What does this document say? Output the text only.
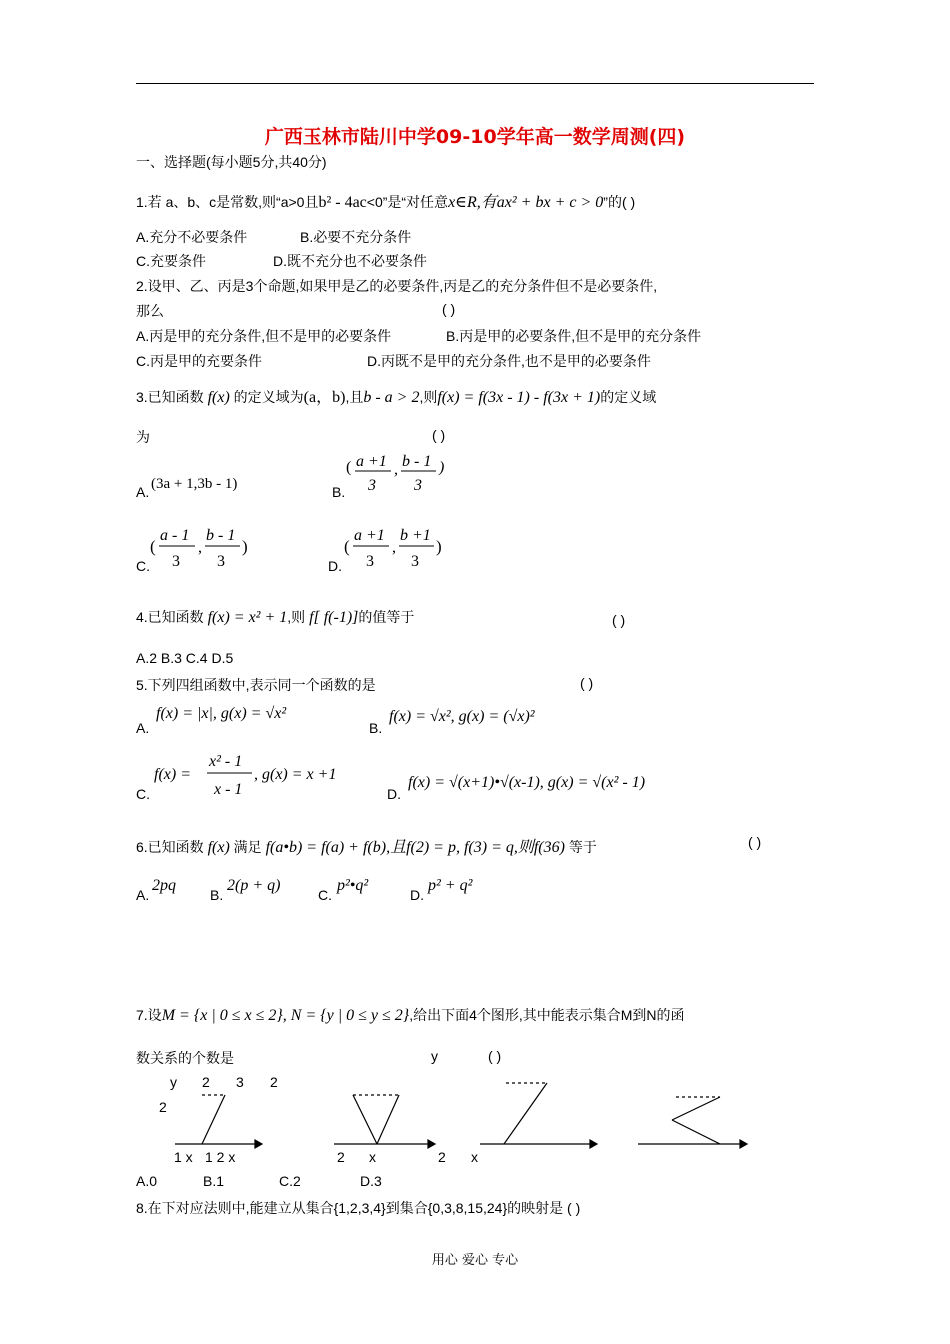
广西玉林市陆川中学09-10学年高一数学周测(四)
一、选择题(每小题5分,共40分)
1.若 a、b、c是常数,则“a>0且b² - 4ac<0”是“对任意x∈R,有ax² + bx + c > 0”的( )
A.充分不必要条件	B.必要不充分条件
C.充要条件	D.既不充分也不必要条件
2.设甲、乙、丙是3个命题,如果甲是乙的必要条件,丙是乙的充分条件但不是必要条件,
那么	( )
A.丙是甲的充分条件,但不是甲的必要条件	B.丙是甲的必要条件,但不是甲的充分条件
C.丙是甲的充要条件	D.丙既不是甲的充分条件,也不是甲的必要条件
3.已知函数 f(x) 的定义域为(a，b),且b - a > 2,则f(x) = f(3x - 1) - f(3x + 1)的定义域
为	( )
A. (3a + 1,3b - 1)	B.
( a +1
3
, b - 1
3
)
C.
(
a - 1
3
,
b - 1
3
)
D.
(
a +1
3
,
b +1
3
)
4.已知函数 f(x) = x² + 1,则 f[ f(-1)]的值等于	( )
A.2 B.3 C.4 D.5
5.下列四组函数中,表示同一个函数的是	( )
A.
f(x) = |x|, g(x) = √x²
B.
f(x) = √x², g(x) = (√x)²
C.
f(x) =
x² - 1
x - 1
, g(x) = x +1
D.
f(x) = √(x+1)•√(x-1), g(x) = √(x² - 1)
6.已知函数 f(x) 满足 f(a•b) = f(a) + f(b),且f(2) = p, f(3) = q,则f(36) 等于	( )
A.
2pq
B.
2(p + q)
C.
p²•q²
D.
p² + q²
7.设M = {x | 0 ≤ x ≤ 2}, N = {y | 0 ≤ y ≤ 2},给出下面4个图形,其中能表示集合M到N的函
数关系的个数是	y	( )
y 2 3 2
2
1 x 1 2 x	2 x	2 x
A.0	B.1	C.2	D.3
8.在下对应法则中,能建立从集合{1,2,3,4}到集合{0,3,8,15,24}的映射是 ( )
用心 爱心 专心
